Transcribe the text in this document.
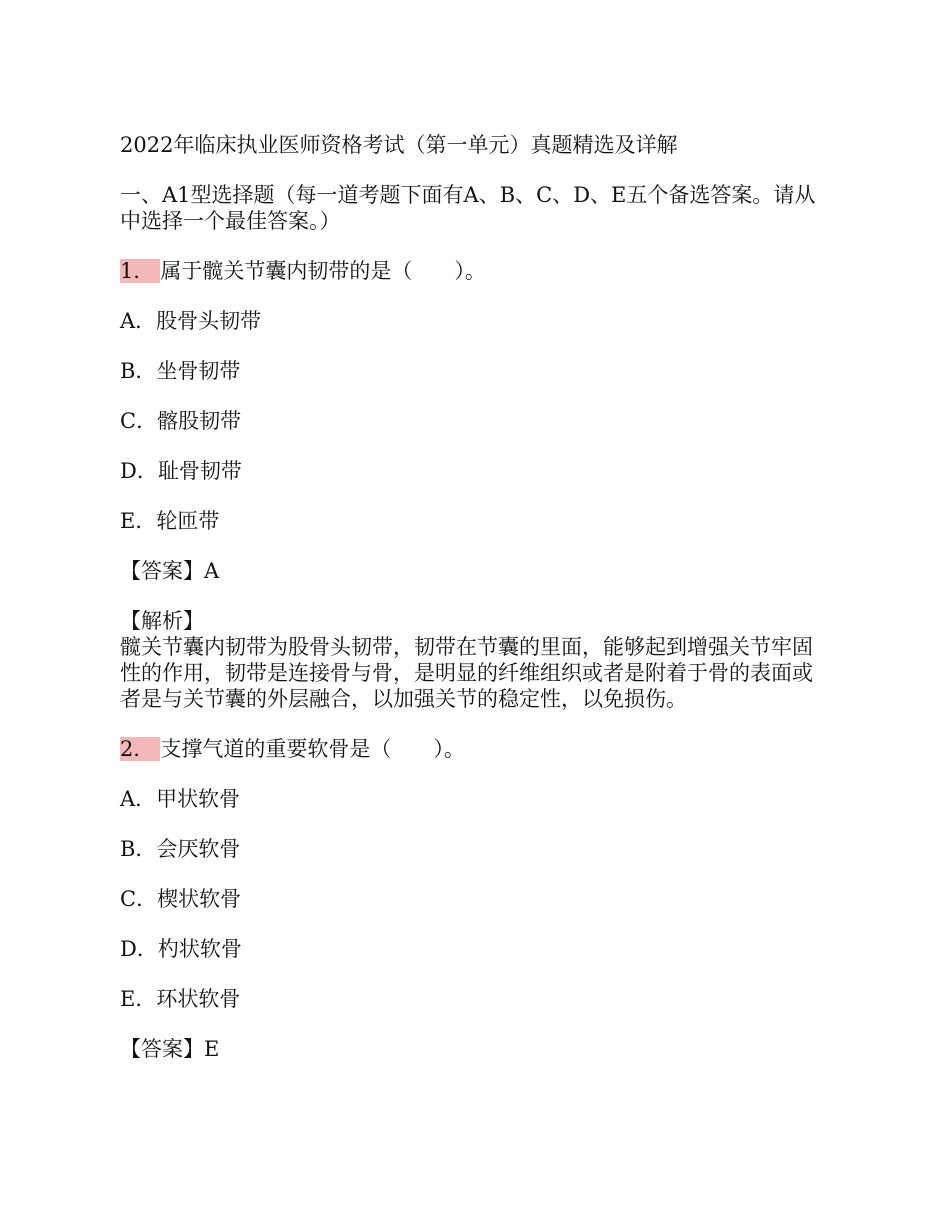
2022年临床执业医师资格考试（第一单元）真题精选及详解

一、A1型选择题（每一道考题下面有A、B、C、D、E五个备选答案。请从中选择一个最佳答案。）

1． 属于髋关节囊内韧带的是（　　）。

A．股骨头韧带

B．坐骨韧带

C．髂股韧带

D．耻骨韧带

E．轮匝带

【答案】A

【解析】

髋关节囊内韧带为股骨头韧带，韧带在节囊的里面，能够起到增强关节牢固性的作用，韧带是连接骨与骨，是明显的纤维组织或者是附着于骨的表面或者是与关节囊的外层融合，以加强关节的稳定性，以免损伤。

2． 支撑气道的重要软骨是（　　）。

A．甲状软骨

B．会厌软骨

C．楔状软骨

D．杓状软骨

E．环状软骨

【答案】E
